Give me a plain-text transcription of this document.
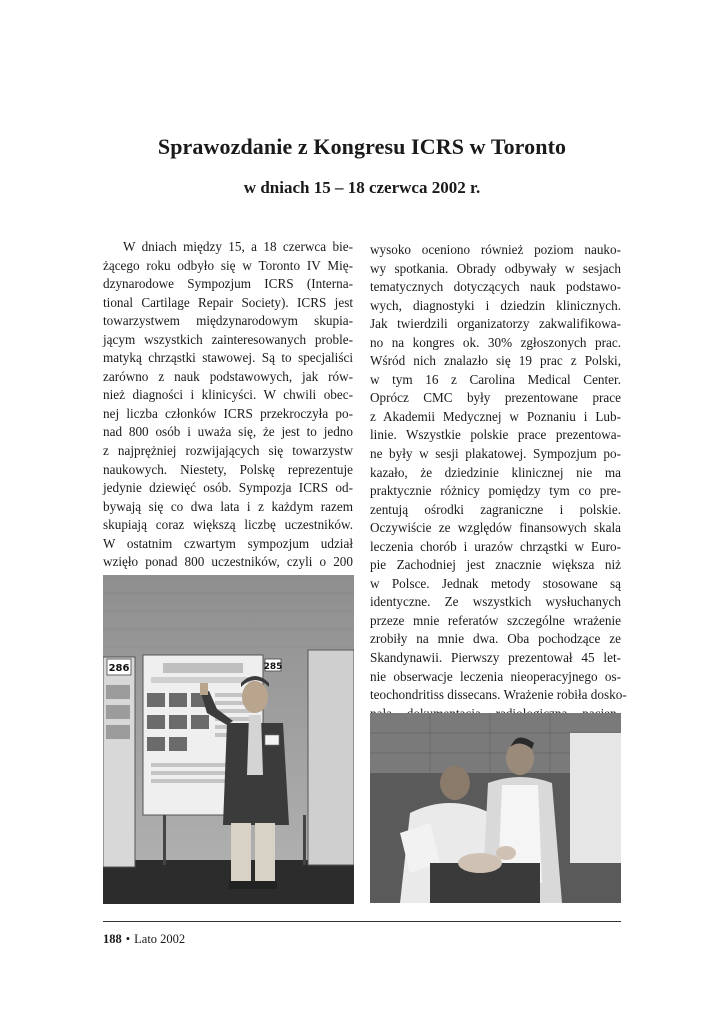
Sprawozdanie z Kongresu ICRS w Toronto
w dniach 15 – 18 czerwca 2002 r.
W dniach między 15, a 18 czerwca bie-
żącego roku odbyło się w Toronto IV Mię-
dzynarodowe Sympozjum ICRS (Interna-
tional Cartilage Repair Society). ICRS jest
towarzystwem międzynarodowym skupia-
jącym wszystkich zainteresowanych proble-
matyką chrząstki stawowej. Są to specjaliści
zarówno z nauk podstawowych, jak rów-
nież diagności i klinicyści. W chwili obec-
nej liczba członków ICRS przekroczyła po-
nad 800 osób i uważa się, że jest to jedno
z najprężniej rozwijających się towarzystw
naukowych. Niestety, Polskę reprezentuje
jedynie dziewięć osób. Sympozja ICRS od-
bywają się co dwa lata i z każdym razem
skupiają coraz większą liczbę uczestników.
W ostatnim czwartym sympozjum udział
wzięło ponad 800 uczestników, czyli o 200
wysoko oceniono również poziom nauko-
wy spotkania. Obrady odbywały w sesjach
tematycznych dotyczących nauk podstawo-
wych, diagnostyki i dziedzin klinicznych.
Jak twierdzili organizatorzy zakwalifikowa-
no na kongres ok. 30% zgłoszonych prac.
Wśród nich znalazło się 19 prac z Polski,
w tym 16 z Carolina Medical Center.
Oprócz CMC były prezentowane prace
z Akademii Medycznej w Poznaniu i Lub-
linie. Wszystkie polskie prace prezentowa-
ne były w sesji plakatowej. Sympozjum po-
kazało, że dziedzinie klinicznej nie ma
praktycznie różnicy pomiędzy tym co pre-
zentują ośrodki zagraniczne i polskie.
Oczywiście ze względów finansowych skala
leczenia chorób i urazów chrząstki w Euro-
pie Zachodniej jest znacznie większa niż
w Polsce. Jednak metody stosowane są
identyczne. Ze wszystkich wysłuchanych
przeze mnie referatów szczególne wrażenie
zrobiły na mnie dwa. Oba pochodzące ze
Skandynawii. Pierwszy prezentował 45 let-
nie obserwacje leczenia nieoperacyjnego os-
teochondritiss dissecans. Wrażenie robiła dosko-
286	285
188 • Lato 2002
